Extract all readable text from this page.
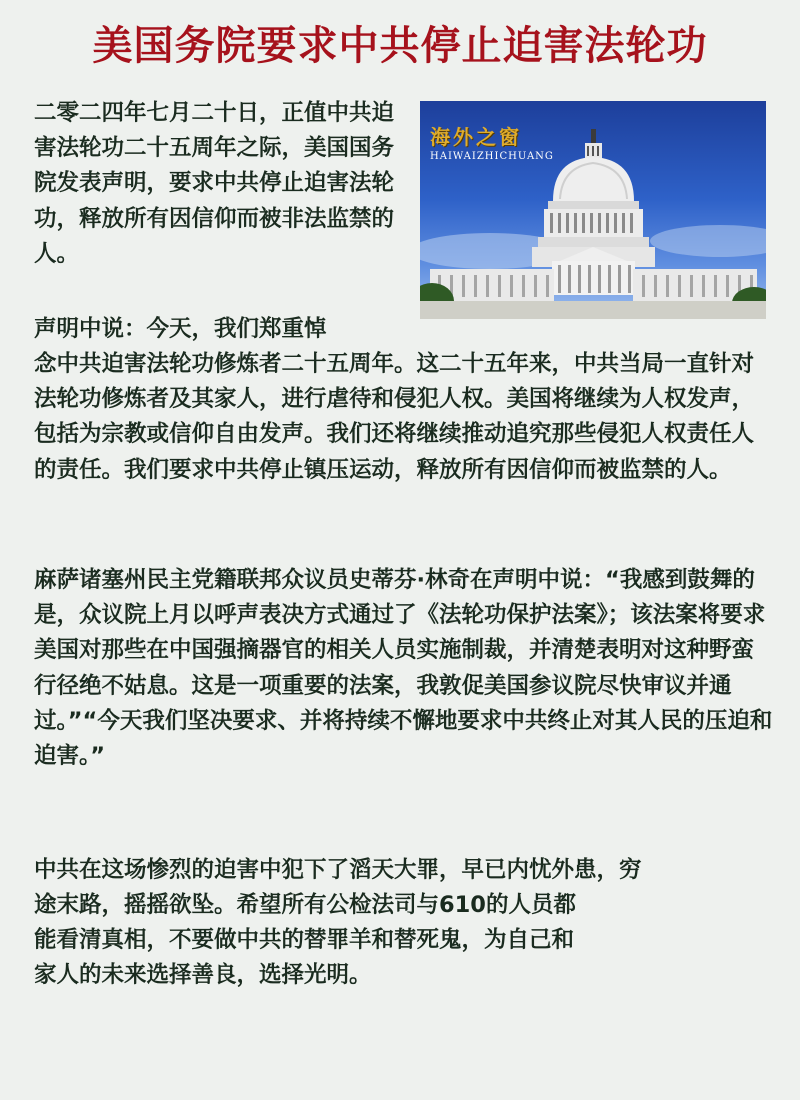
美国务院要求中共停止迫害法轮功

二零二四年七月二十日，正值中共迫害法轮功二十五周年之际，美国国务院发表声明，要求中共停止迫害法轮功，释放所有因信仰而被非法监禁的人。

海外之窗
HAIWAIZHICHUANG

声明中说：今天，我们郑重悼

念中共迫害法轮功修炼者二十五周年。这二十五年来，中共当局一直针对法轮功修炼者及其家人，进行虐待和侵犯人权。美国将继续为人权发声，包括为宗教或信仰自由发声。我们还将继续推动追究那些侵犯人权责任人的责任。我们要求中共停止镇压运动，释放所有因信仰而被监禁的人。

麻萨诸塞州民主党籍联邦众议员史蒂芬·林奇在声明中说：“我感到鼓舞的是，众议院上月以呼声表决方式通过了《法轮功保护法案》；该法案将要求美国对那些在中国强摘器官的相关人员实施制裁，并清楚表明对这种野蛮行径绝不姑息。这是一项重要的法案，我敦促美国参议院尽快审议并通过。”“今天我们坚决要求、并将持续不懈地要求中共终止对其人民的压迫和迫害。”

中共在这场惨烈的迫害中犯下了滔天大罪，早已内忧外患，穷

途末路，摇摇欲坠。希望所有公检法司与610的人员都能看清真相，不要做中共的替罪羊和替死鬼，为自己和家人的未来选择善良，选择光明。
